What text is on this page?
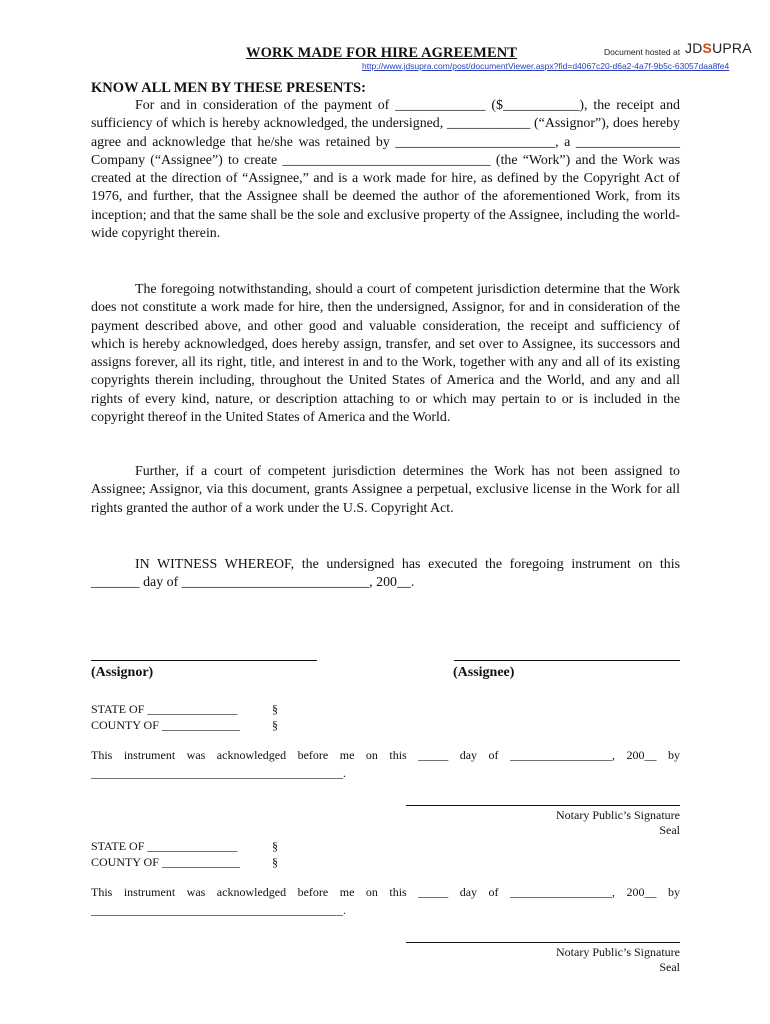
WORK MADE FOR HIRE AGREEMENT	Document hosted at JDSUPRA
http://www.jdsupra.com/post/documentViewer.aspx?fid=d4067c20-d6a2-4a7f-9b5c-63057daa8fe4
KNOW ALL MEN BY THESE PRESENTS:
For and in consideration of the payment of _____________ ($___________), the receipt and sufficiency of which is hereby acknowledged, the undersigned, ____________ (“Assignor”), does hereby agree and acknowledge that he/she was retained by _______________________, a _______________ Company (“Assignee”) to create ______________________________ (the “Work”) and the Work was created at the direction of “Assignee,” and is a work made for hire, as defined by the Copyright Act of 1976, and further, that the Assignee shall be deemed the author of the aforementioned Work, from its inception; and that the same shall be the sole and exclusive property of the Assignee, including the world-wide copyright therein.
The foregoing notwithstanding, should a court of competent jurisdiction determine that the Work does not constitute a work made for hire, then the undersigned, Assignor, for and in consideration of the payment described above, and other good and valuable consideration, the receipt and sufficiency of which is hereby acknowledged, does hereby assign, transfer, and set over to Assignee, its successors and assigns forever, all its right, title, and interest in and to the Work, together with any and all of its existing copyrights therein including, throughout the United States of America and the World, and any and all rights of every kind, nature, or description attaching to or which may pertain to or is included in the copyright thereof in the United States of America and the World.
Further, if a court of competent jurisdiction determines the Work has not been assigned to Assignee; Assignor, via this document, grants Assignee a perpetual, exclusive license in the Work for all rights granted the author of a work under the U.S. Copyright Act.
IN WITNESS WHEREOF, the undersigned has executed the foregoing instrument on this _______ day of ___________________________, 200__.
(Assignor)	(Assignee)
STATE OF _______________
COUNTY OF _____________
§
§
This instrument was acknowledged before me on this _____ day of _________________, 200__ by __________________________________________.
Notary Public’s Signature
Seal
STATE OF _______________
COUNTY OF _____________
§
§
This instrument was acknowledged before me on this _____ day of _________________, 200__ by __________________________________________.
Notary Public’s Signature
Seal
